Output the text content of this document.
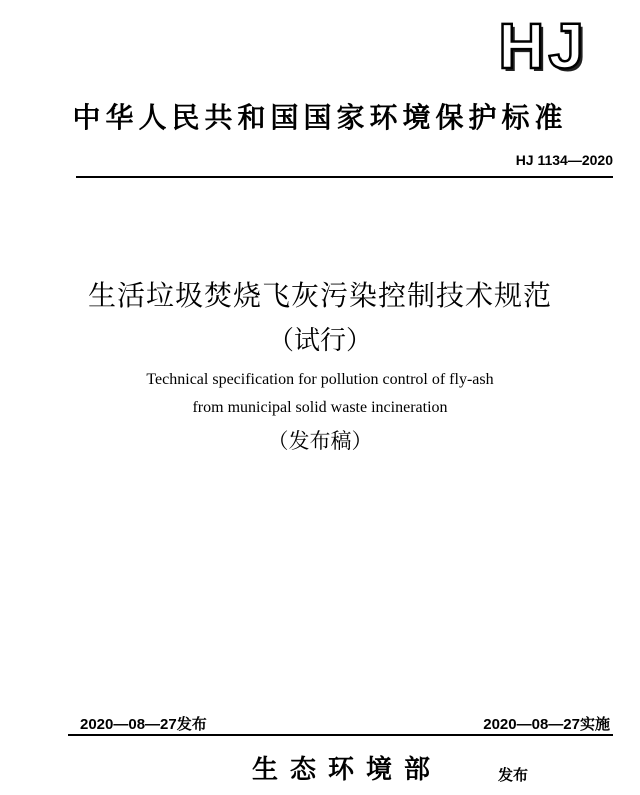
HJ
中华人民共和国国家环境保护标准
HJ 1134—2020
生活垃圾焚烧飞灰污染控制技术规范
（试行）
Technical specification for pollution control of fly-ash
from municipal solid waste incineration
（发布稿）
2020—08—27发布	2020—08—27实施
生态环境部	发布
